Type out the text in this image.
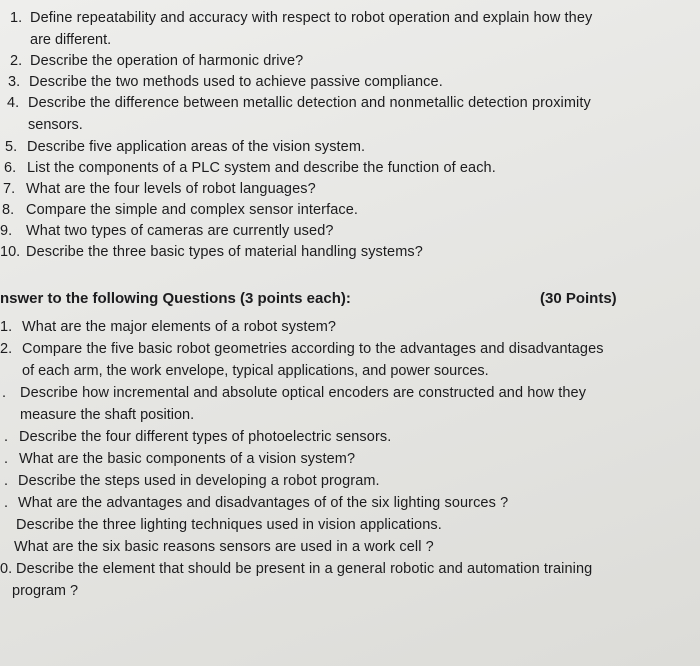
1. Define repeatability and accuracy with respect to robot operation and explain how they
are different.
2. Describe the operation of harmonic drive?
3. Describe the two methods used to achieve passive compliance.
4. Describe the difference between metallic detection and nonmetallic detection proximity
sensors.
5. Describe five application areas of the vision system.
6. List the components of a PLC system and describe the function of each.
7. What are the four levels of robot languages?
8. Compare the simple and complex sensor interface.
9. What two types of cameras are currently used?
10. Describe the three basic types of material handling systems?
nswer to the following Questions (3 points each):	(30 Points)
1. What are the major elements of a robot system?
2. Compare the five basic robot geometries according to the advantages and disadvantages
of each arm, the work envelope, typical applications, and power sources.
. Describe how incremental and absolute optical encoders are constructed and how they
measure the shaft position.
. Describe the four different types of photoelectric sensors.
. What are the basic components of a vision system?
. Describe the steps used in developing a robot program.
. What are the advantages and disadvantages of of the six lighting sources ?
Describe the three lighting techniques used in vision applications.
What are the six basic reasons sensors are used in a work cell ?
0. Describe the element that should be present in a general robotic and automation training
program ?
